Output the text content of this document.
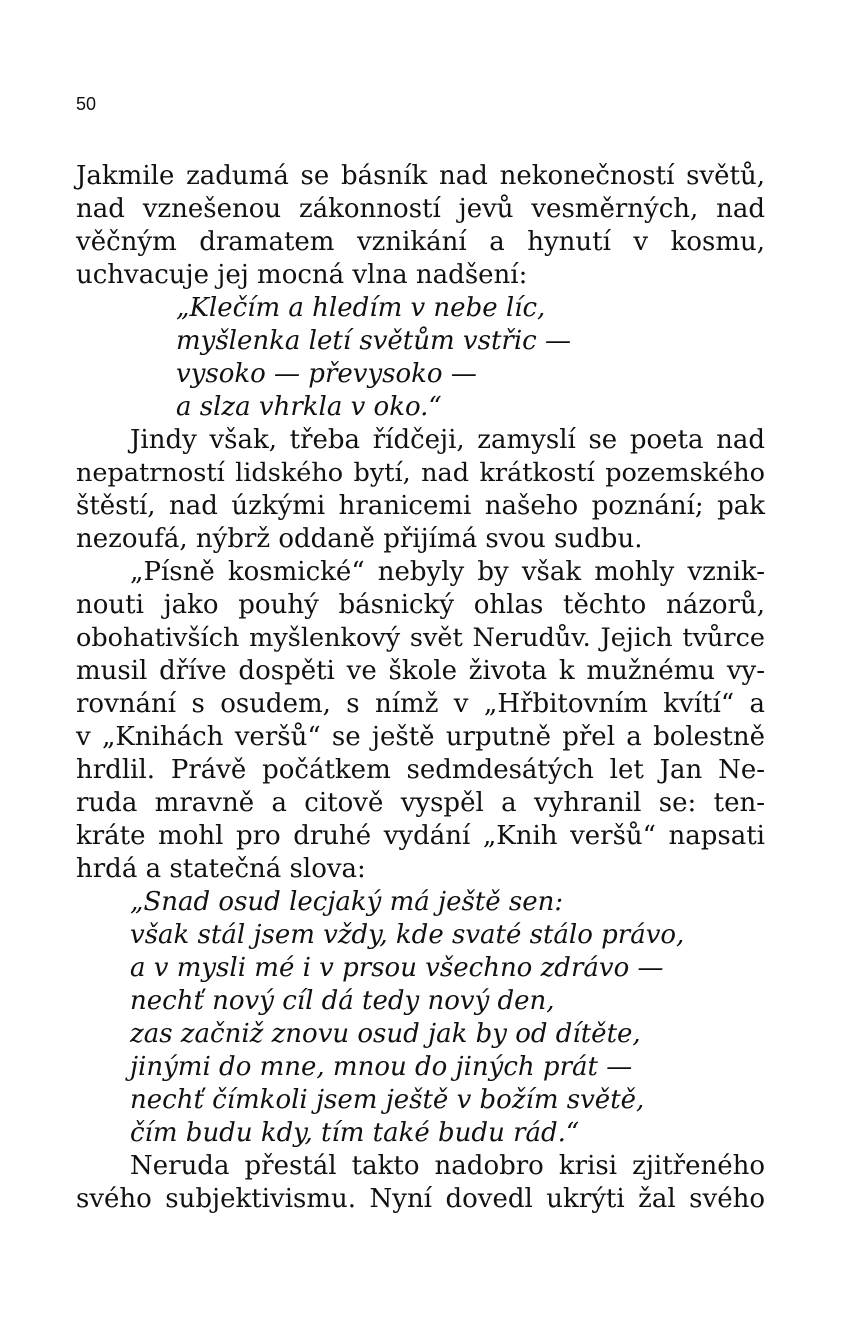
50
Jakmile zadumá se básník nad nekonečností světů,
nad vznešenou zákonností jevů vesměrných, nad
věčným dramatem vznikání a hynutí v kosmu,
uchvacuje jej mocná vlna nadšení:
„Klečím a hledím v nebe líc,
myšlenka letí světům vstřic —
vysoko — převysoko —
a slza vhrkla v oko.“
Jindy však, třeba řídčeji, zamyslí se poeta nad
nepatrností lidského bytí, nad krátkostí pozemského
štěstí, nad úzkými hranicemi našeho poznání; pak
nezoufá, nýbrž oddaně přijímá svou sudbu.
„Písně kosmické“ nebyly by však mohly vznik-
nouti jako pouhý básnický ohlas těchto názorů,
obohativších myšlenkový svět Nerudův. Jejich tvůrce
musil dříve dospěti ve škole života k mužnému vy-
rovnání s osudem, s nímž v „Hřbitovním kvítí“ a
v „Knihách veršů“ se ještě urputně přel a bolestně
hrdlil. Právě počátkem sedmdesátých let Jan Ne-
ruda mravně a citově vyspěl a vyhranil se: ten-
kráte mohl pro druhé vydání „Knih veršů“ napsati
hrdá a statečná slova:
„Snad osud lecjaký má ještě sen:
však stál jsem vždy, kde svaté stálo právo,
a v mysli mé i v prsou všechno zdrávo —
nechť nový cíl dá tedy nový den,
zas začniž znovu osud jak by od dítěte,
jinými do mne, mnou do jiných prát —
nechť čímkoli jsem ještě v božím světě,
čím budu kdy, tím také budu rád.“
Neruda přestál takto nadobro krisi zjitřeného
svého subjektivismu. Nyní dovedl ukrýti žal svého
